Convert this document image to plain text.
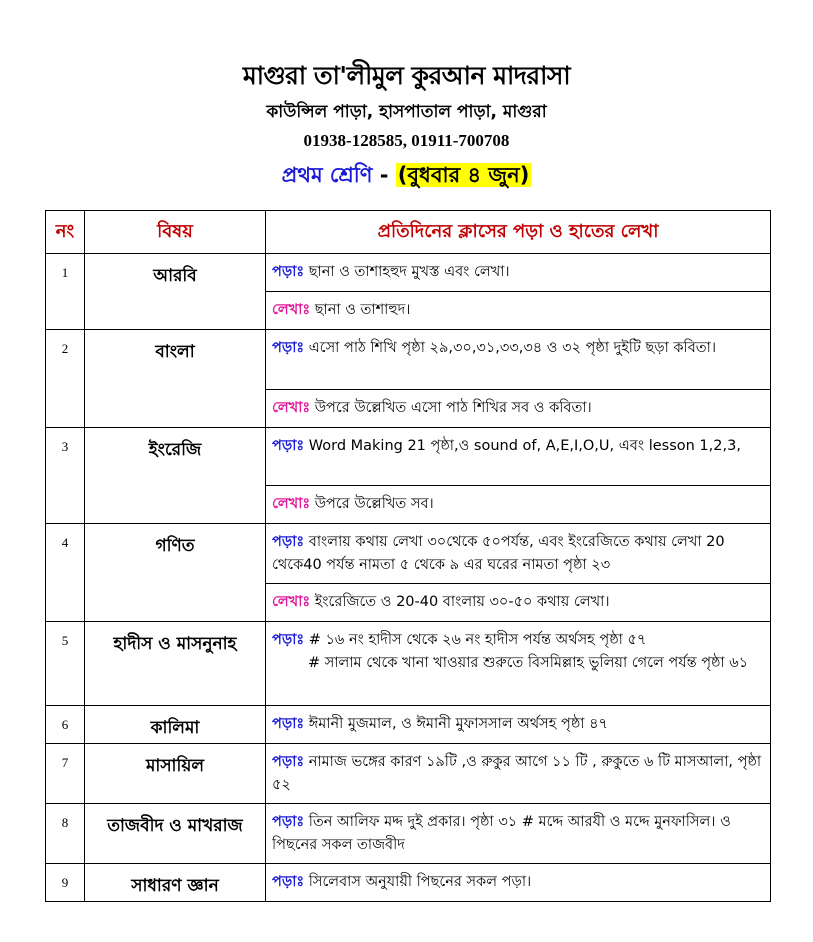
মাগুরা তা'লীমুল কুরআন মাদরাসা
কাউন্সিল পাড়া, হাসপাতাল পাড়া, মাগুরা
01938-128585, 01911-700708
প্রথম শ্রেণি - (বুধবার ৪ জুন)
নং	বিষয়	প্রতিদিনের ক্লাসের পড়া ও হাতের লেখা
1	আরবি	পড়াঃ ছানা ও তাশাহহুদ মুখস্ত এবং লেখা।
		লেখাঃ ছানা ও তাশাহুদ।
2	বাংলা	পড়াঃ এসো পাঠ শিখি পৃষ্ঠা ২৯,৩০,৩১,৩৩,৩৪ ও ৩২ পৃষ্ঠা দুইটি ছড়া কবিতা।
		লেখাঃ উপরে উল্লেখিত এসো পাঠ শিখির সব ও কবিতা।
3	ইংরেজি	পড়াঃ Word Making 21 পৃষ্ঠা,ও sound of, A,E,I,O,U, এবং lesson 1,2,3,
		লেখাঃ উপরে উল্লেখিত সব।
4	গণিত	পড়াঃ বাংলায় কথায় লেখা ৩০থেকে ৫০পর্যন্ত, এবং ইংরেজিতে কথায় লেখা 20 থেকে40 পর্যন্ত নামতা ৫ থেকে ৯ এর ঘরের নামতা পৃষ্ঠা ২৩
		লেখাঃ ইংরেজিতে ও 20-40 বাংলায় ৩০-৫০ কথায় লেখা।
5	হাদীস ও মাসনুনাহ	পড়াঃ # ১৬ নং হাদীস থেকে ২৬ নং হাদীস পর্যন্ত অর্থসহ পৃষ্ঠা ৫৭
# সালাম থেকে খানা খাওয়ার শুরুতে বিসমিল্লাহ ভুলিয়া গেলে পর্যন্ত পৃষ্ঠা ৬১

6	কালিমা	পড়াঃ ঈমানী মুজমাল, ও ঈমানী মুফাসসাল অর্থসহ পৃষ্ঠা ৪৭
7	মাসায়িল	পড়াঃ নামাজ ভঙ্গের কারণ ১৯টি ,ও রুকুর আগে ১১ টি , রুকুতে ৬ টি মাসআলা, পৃষ্ঠা ৫২
8	তাজবীদ ও মাখরাজ	পড়াঃ তিন আলিফ মদ্দ দুই প্রকার। পৃষ্ঠা ৩১ # মদ্দে আরযী ও মদ্দে মুনফাসিল। ও পিছনের সকল তাজবীদ
9	সাধারণ জ্ঞান	পড়াঃ সিলেবাস অনুযায়ী পিছনের সকল পড়া।
